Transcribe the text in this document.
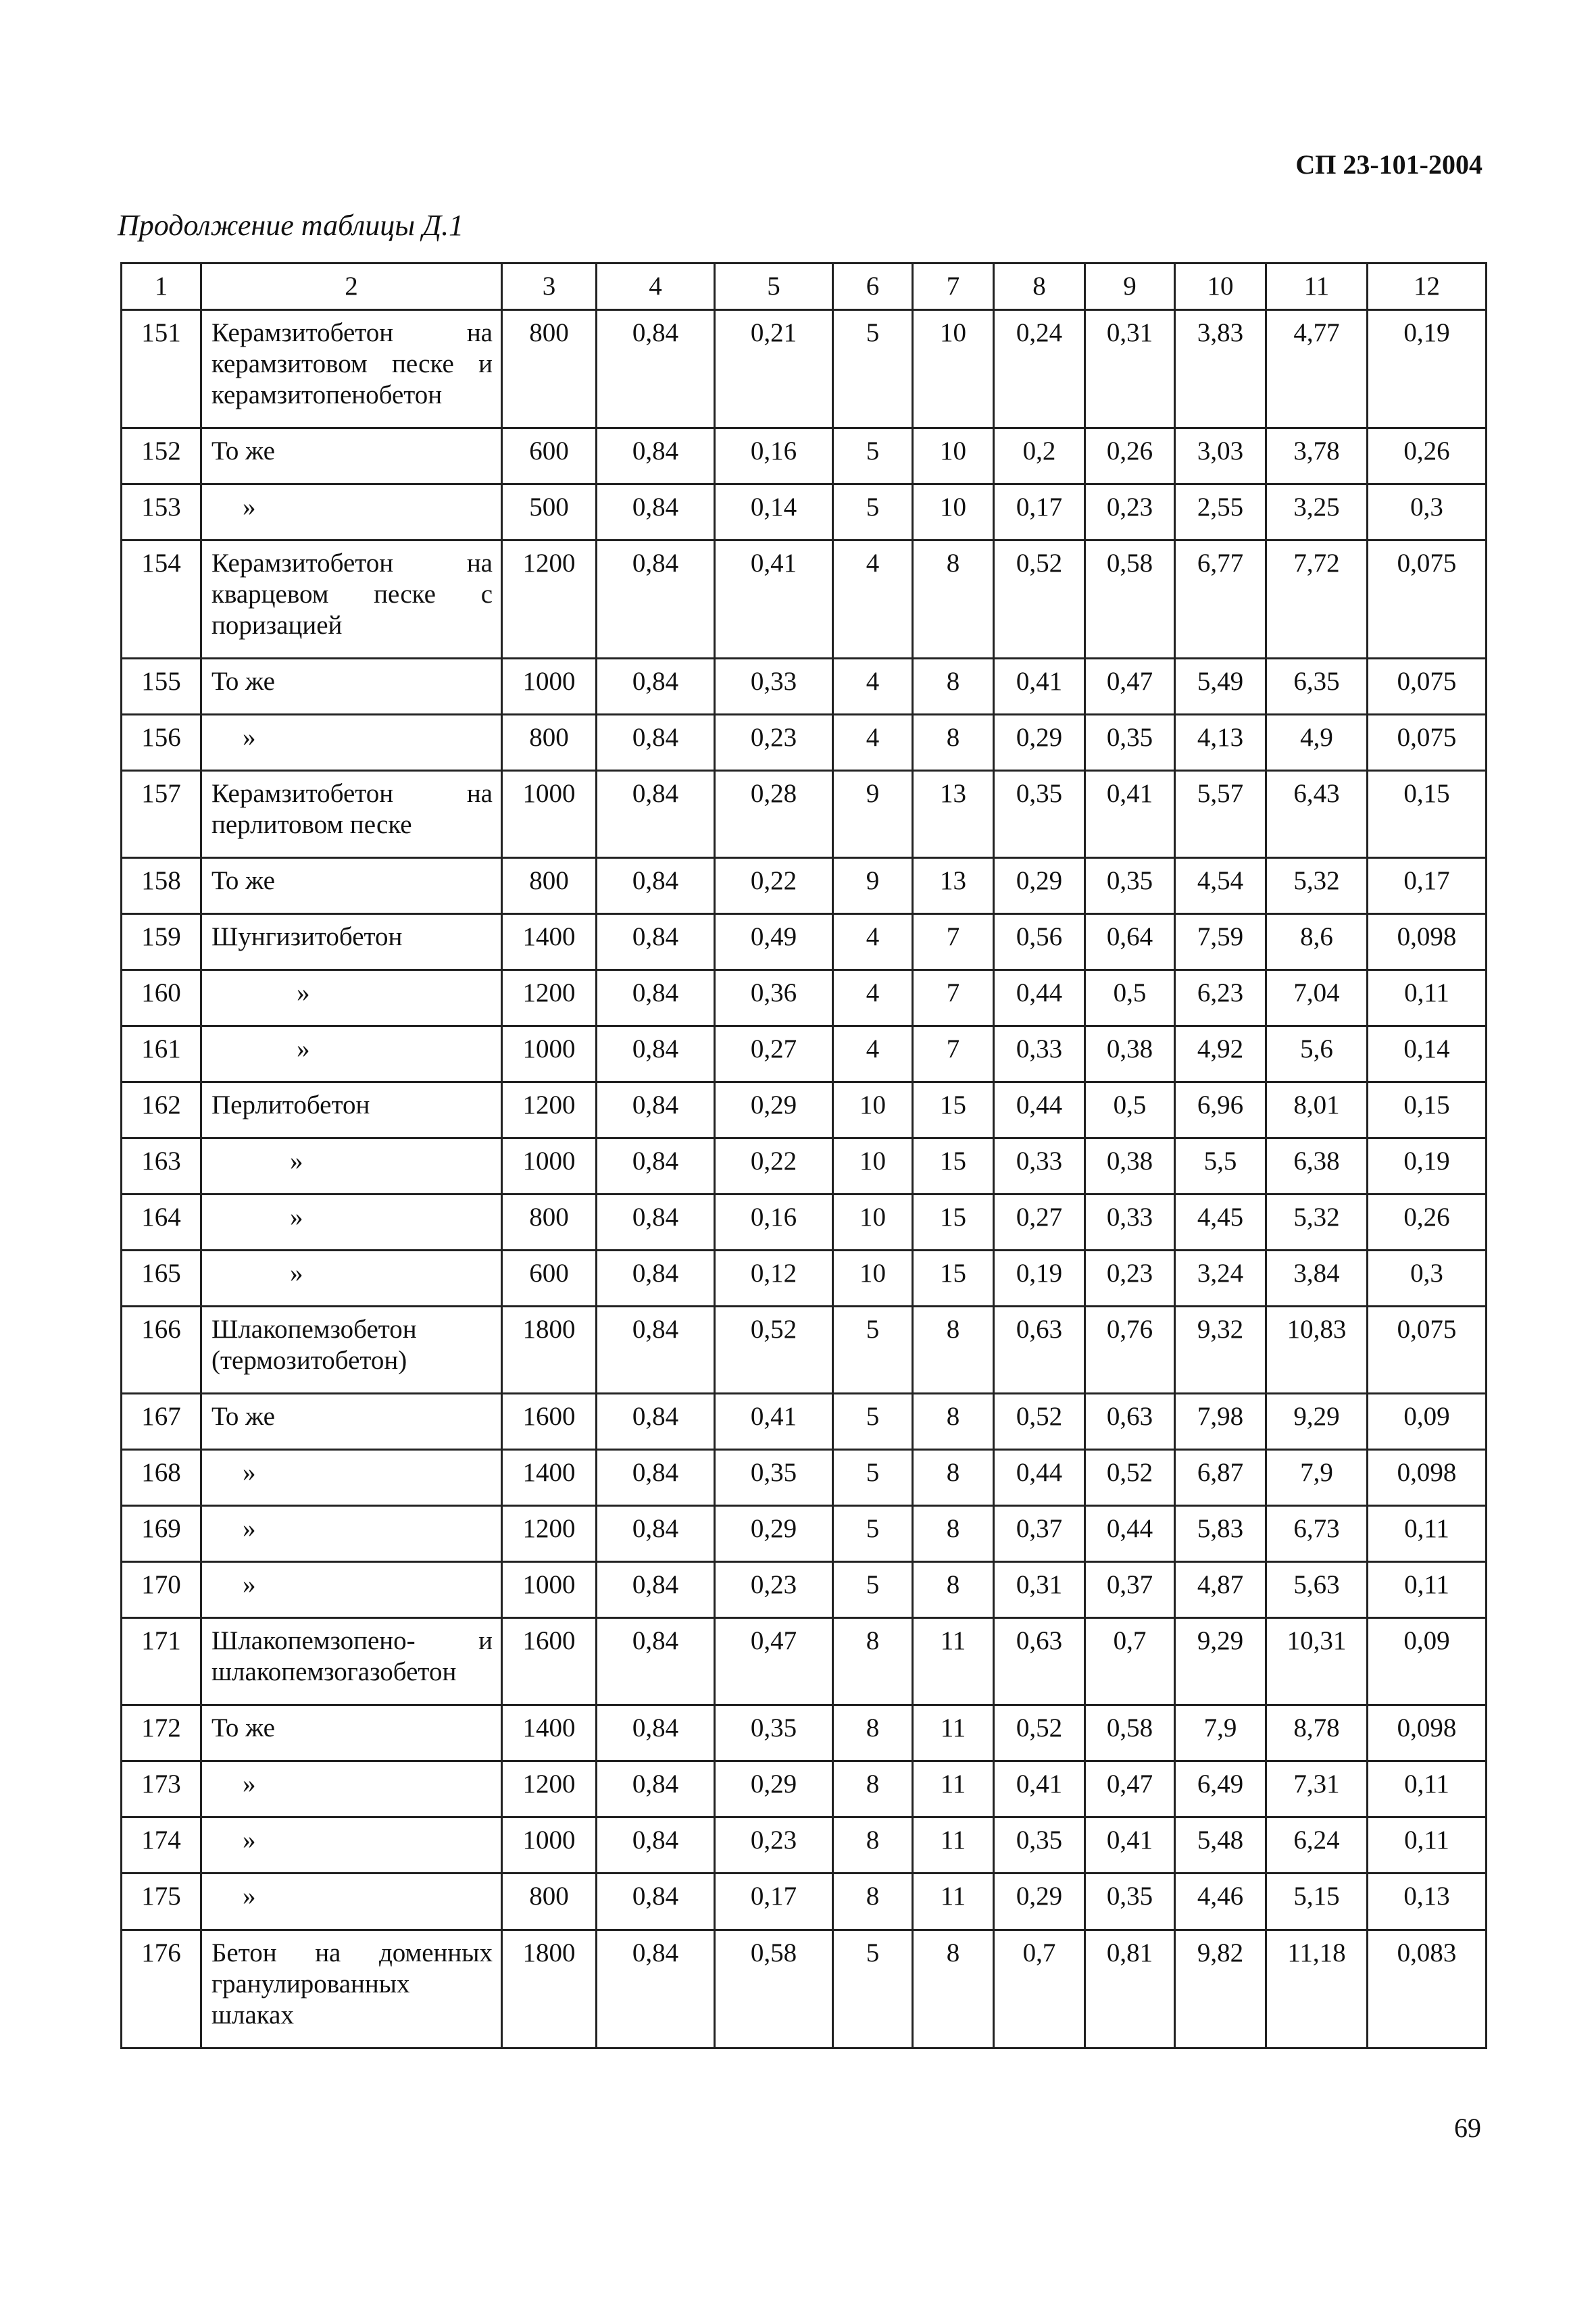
СП 23-101-2004
Продолжение таблицы Д.1
1	2	3	4	5	6	7	8	9	10	11	12
151	Керамзитобетон на керамзитовом песке и керамзитопенобетон	800	0,84	0,21	5	10	0,24	0,31	3,83	4,77	0,19
152	То же	600	0,84	0,16	5	10	0,2	0,26	3,03	3,78	0,26
153	»	500	0,84	0,14	5	10	0,17	0,23	2,55	3,25	0,3
154	Керамзитобетон на кварцевом песке с поризацией	1200	0,84	0,41	4	8	0,52	0,58	6,77	7,72	0,075
155	То же	1000	0,84	0,33	4	8	0,41	0,47	5,49	6,35	0,075
156	»	800	0,84	0,23	4	8	0,29	0,35	4,13	4,9	0,075
157	Керамзитобетон на перлитовом песке	1000	0,84	0,28	9	13	0,35	0,41	5,57	6,43	0,15
158	То же	800	0,84	0,22	9	13	0,29	0,35	4,54	5,32	0,17
159	Шунгизитобетон	1400	0,84	0,49	4	7	0,56	0,64	7,59	8,6	0,098
160	»	1200	0,84	0,36	4	7	0,44	0,5	6,23	7,04	0,11
161	»	1000	0,84	0,27	4	7	0,33	0,38	4,92	5,6	0,14
162	Перлитобетон	1200	0,84	0,29	10	15	0,44	0,5	6,96	8,01	0,15
163	»	1000	0,84	0,22	10	15	0,33	0,38	5,5	6,38	0,19
164	»	800	0,84	0,16	10	15	0,27	0,33	4,45	5,32	0,26
165	»	600	0,84	0,12	10	15	0,19	0,23	3,24	3,84	0,3
166	Шлакопемзобетон (термозитобетон)	1800	0,84	0,52	5	8	0,63	0,76	9,32	10,83	0,075
167	То же	1600	0,84	0,41	5	8	0,52	0,63	7,98	9,29	0,09
168	»	1400	0,84	0,35	5	8	0,44	0,52	6,87	7,9	0,098
169	»	1200	0,84	0,29	5	8	0,37	0,44	5,83	6,73	0,11
170	»	1000	0,84	0,23	5	8	0,31	0,37	4,87	5,63	0,11
171	Шлакопемзопено- и шлакопемзогазобетон	1600	0,84	0,47	8	11	0,63	0,7	9,29	10,31	0,09
172	То же	1400	0,84	0,35	8	11	0,52	0,58	7,9	8,78	0,098
173	»	1200	0,84	0,29	8	11	0,41	0,47	6,49	7,31	0,11
174	»	1000	0,84	0,23	8	11	0,35	0,41	5,48	6,24	0,11
175	»	800	0,84	0,17	8	11	0,29	0,35	4,46	5,15	0,13
176	Бетон на доменных гранулированных шлаках	1800	0,84	0,58	5	8	0,7	0,81	9,82	11,18	0,083
69
